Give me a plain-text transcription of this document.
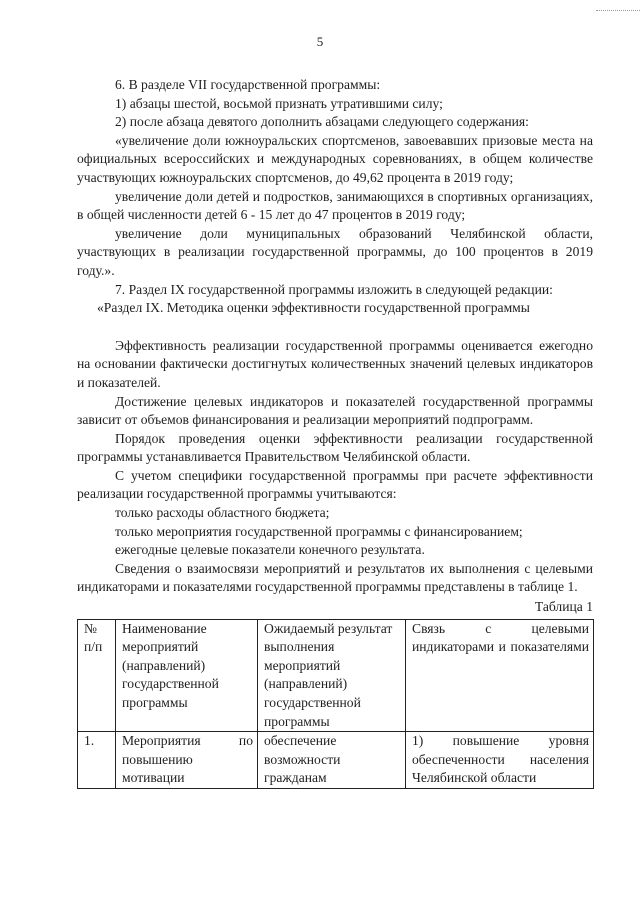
5

6. В разделе VII государственной программы:

1) абзацы шестой, восьмой признать утратившими силу;

2) после абзаца девятого дополнить абзацами следующего содержания:

«увеличение доли южноуральских спортсменов, завоевавших призовые места на официальных всероссийских и международных соревнованиях, в общем количестве участвующих южноуральских спортсменов, до 49,62 процента в 2019 году;

увеличение доли детей и подростков, занимающихся в спортивных организациях, в общей численности детей 6 - 15 лет до 47 процентов в 2019 году;

увеличение доли муниципальных образований Челябинской области, участвующих в реализации государственной программы, до 100 процентов в 2019 году.».

7. Раздел IX государственной программы изложить в следующей редакции:

«Раздел IX. Методика оценки эффективности государственной программы

Эффективность реализации государственной программы оценивается ежегодно на основании фактически достигнутых количественных значений целевых индикаторов и показателей.

Достижение целевых индикаторов и показателей государственной программы зависит от объемов финансирования и реализации мероприятий подпрограмм.

Порядок проведения оценки эффективности реализации государственной программы устанавливается Правительством Челябинской области.

С учетом специфики государственной программы при расчете эффективности реализации государственной программы учитываются:

только расходы областного бюджета;

только мероприятия государственной программы с финансированием;

ежегодные целевые показатели конечного результата.

Сведения о взаимосвязи мероприятий и результатов их выполнения с целевыми индикаторами и показателями государственной программы представлены в таблице 1.

Таблица 1

№ п/п	Наименование мероприятий (направлений) государственной программы	Ожидаемый результат выполнения мероприятий (направлений) государственной программы	Связь с целевыми индикаторами и показателями

1.	Мероприятия по повышению мотивации	обеспечение возможности гражданам	1) повышение уровня обеспеченности населения Челябинской области
